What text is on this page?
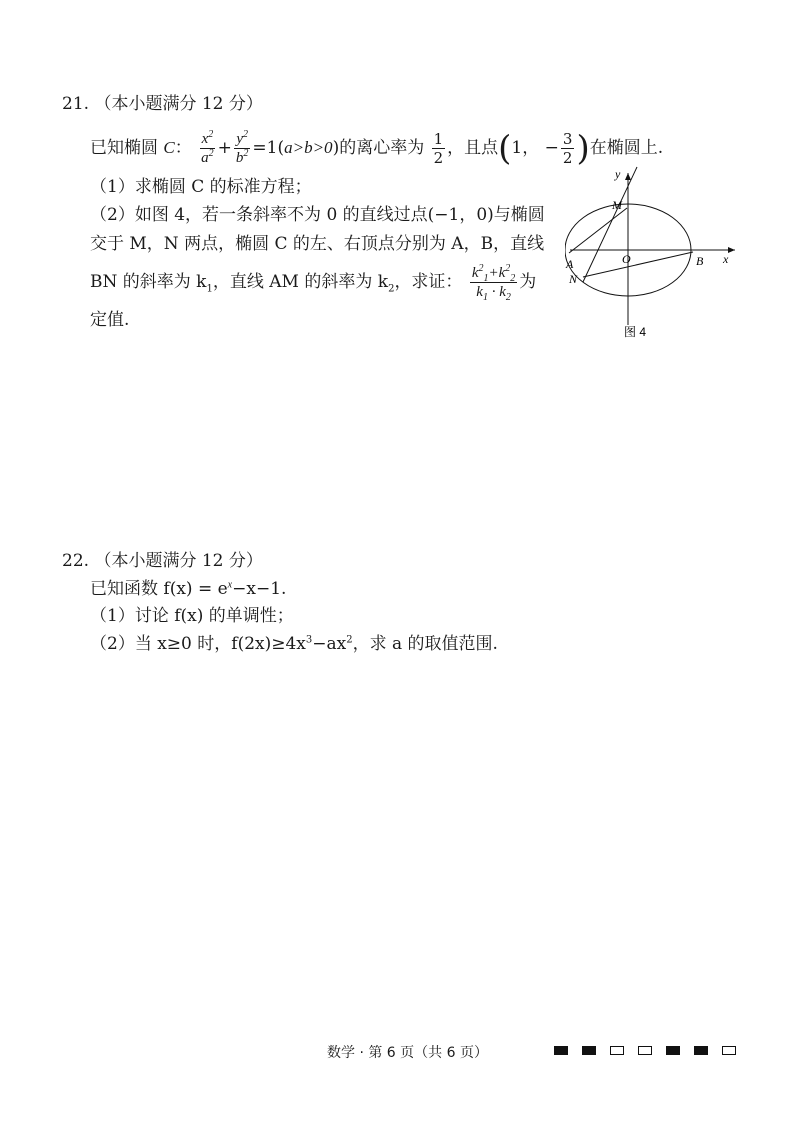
21. （本小题满分 12 分）
已知椭圆 C： $\frac{x^2}{a^2} + \frac{y^2}{b^2} =1(a>b>0)$的离心率为 $\frac{1}{2}$ ，且点(1， − $\frac{3}{2}$ )在椭圆上.
（1）求椭圆 C 的标准方程；
（2）如图 4，若一条斜率不为 0 的直线过点(−1，0)与椭圆
交于 M，N 两点，椭圆 C 的左、右顶点分别为 A，B，直线
BN 的斜率为 $k_1$，直线 AM 的斜率为 $k_2$，求证： $\frac{k^2_1+k^2_2}{k_1 \cdot k_2}$ 为
定值.
y
x
M
A	O	B
N
图 4
22. （本小题满分 12 分）
已知函数 $f(x) = e^x-x-1$.
（1）讨论 f(x) 的单调性；
（2）当 x≥0 时，$f(2x)\ge 4x^3-ax^2$，求 a 的取值范围.
数学 · 第 6 页（共 6 页）
